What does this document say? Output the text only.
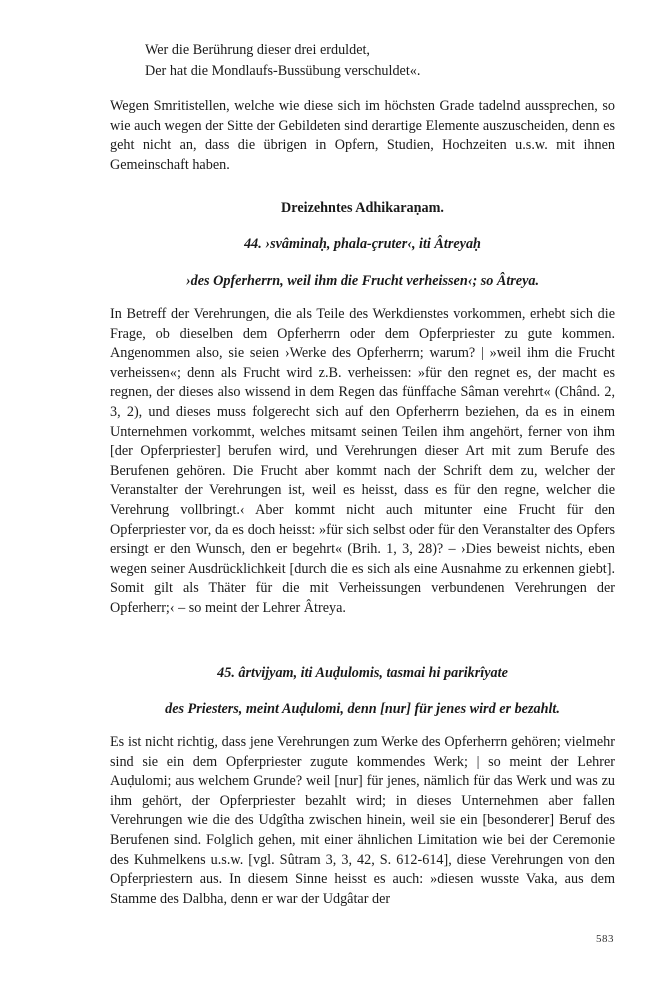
Wer die Berührung dieser drei erduldet,
Der hat die Mondlaufs-Bussübung verschuldet«.
Wegen Smritistellen, welche wie diese sich im höchsten Grade tadelnd aussprechen, so wie auch wegen der Sitte der Gebildeten sind derartige Elemente auszuscheiden, denn es geht nicht an, dass die übrigen in Opfern, Studien, Hochzeiten u.s.w. mit ihnen Gemeinschaft haben.
Dreizehntes Adhikaraṇam.
44. ›svâminaḥ, phala-çruter‹, iti Âtreyaḥ
›des Opferherrn, weil ihm die Frucht verheissen‹; so Âtreya.
In Betreff der Verehrungen, die als Teile des Werkdienstes vorkommen, erhebt sich die Frage, ob dieselben dem Opferherrn oder dem Opferpriester zu gute kommen. Angenommen also, sie seien ›Werke des Opferherrn; warum? | »weil ihm die Frucht verheissen«; denn als Frucht wird z.B. verheissen: »für den regnet es, der macht es regnen, der dieses also wissend in dem Regen das fünffache Sâman verehrt« (Chând. 2, 3, 2), und dieses muss folgerecht sich auf den Opferherrn beziehen, da es in einem Unternehmen vorkommt, welches mitsamt seinen Teilen ihm angehört, ferner von ihm [der Opferpriester] berufen wird, und Verehrungen dieser Art mit zum Berufe des Berufenen gehören. Die Frucht aber kommt nach der Schrift dem zu, welcher der Veranstalter der Verehrungen ist, weil es heisst, dass es für den regne, welcher die Verehrung vollbringt.‹ Aber kommt nicht auch mitunter eine Frucht für den Opferpriester vor, da es doch heisst: »für sich selbst oder für den Veranstalter des Opfers ersingt er den Wunsch, den er begehrt« (Brih. 1, 3, 28)? – ›Dies beweist nichts, eben wegen seiner Ausdrücklichkeit [durch die es sich als eine Ausnahme zu erkennen giebt]. Somit gilt als Thäter für die mit Verheissungen verbundenen Verehrungen der Opferherr;‹ – so meint der Lehrer Âtreya.
45. ârtvijyam, iti Auḍulomis, tasmai hi parikrîyate
des Priesters, meint Auḍulomi, denn [nur] für jenes wird er bezahlt.
Es ist nicht richtig, dass jene Verehrungen zum Werke des Opferherrn gehören; vielmehr sind sie ein dem Opferpriester zugute kommendes Werk; | so meint der Lehrer Auḍulomi; aus welchem Grunde? weil [nur] für jenes, nämlich für das Werk und was zu ihm gehört, der Opferpriester bezahlt wird; in dieses Unternehmen aber fallen Verehrungen wie die des Udgîtha zwischen hinein, weil sie ein [besonderer] Beruf des Berufenen sind. Folglich gehen, mit einer ähnlichen Limitation wie bei der Ceremonie des Kuhmelkens u.s.w. [vgl. Sûtram 3, 3, 42, S. 612-614], diese Verehrungen von den Opferpriestern aus. In diesem Sinne heisst es auch: »diesen wusste Vaka, aus dem Stamme des Dalbha, denn er war der Udgâtar der
583
